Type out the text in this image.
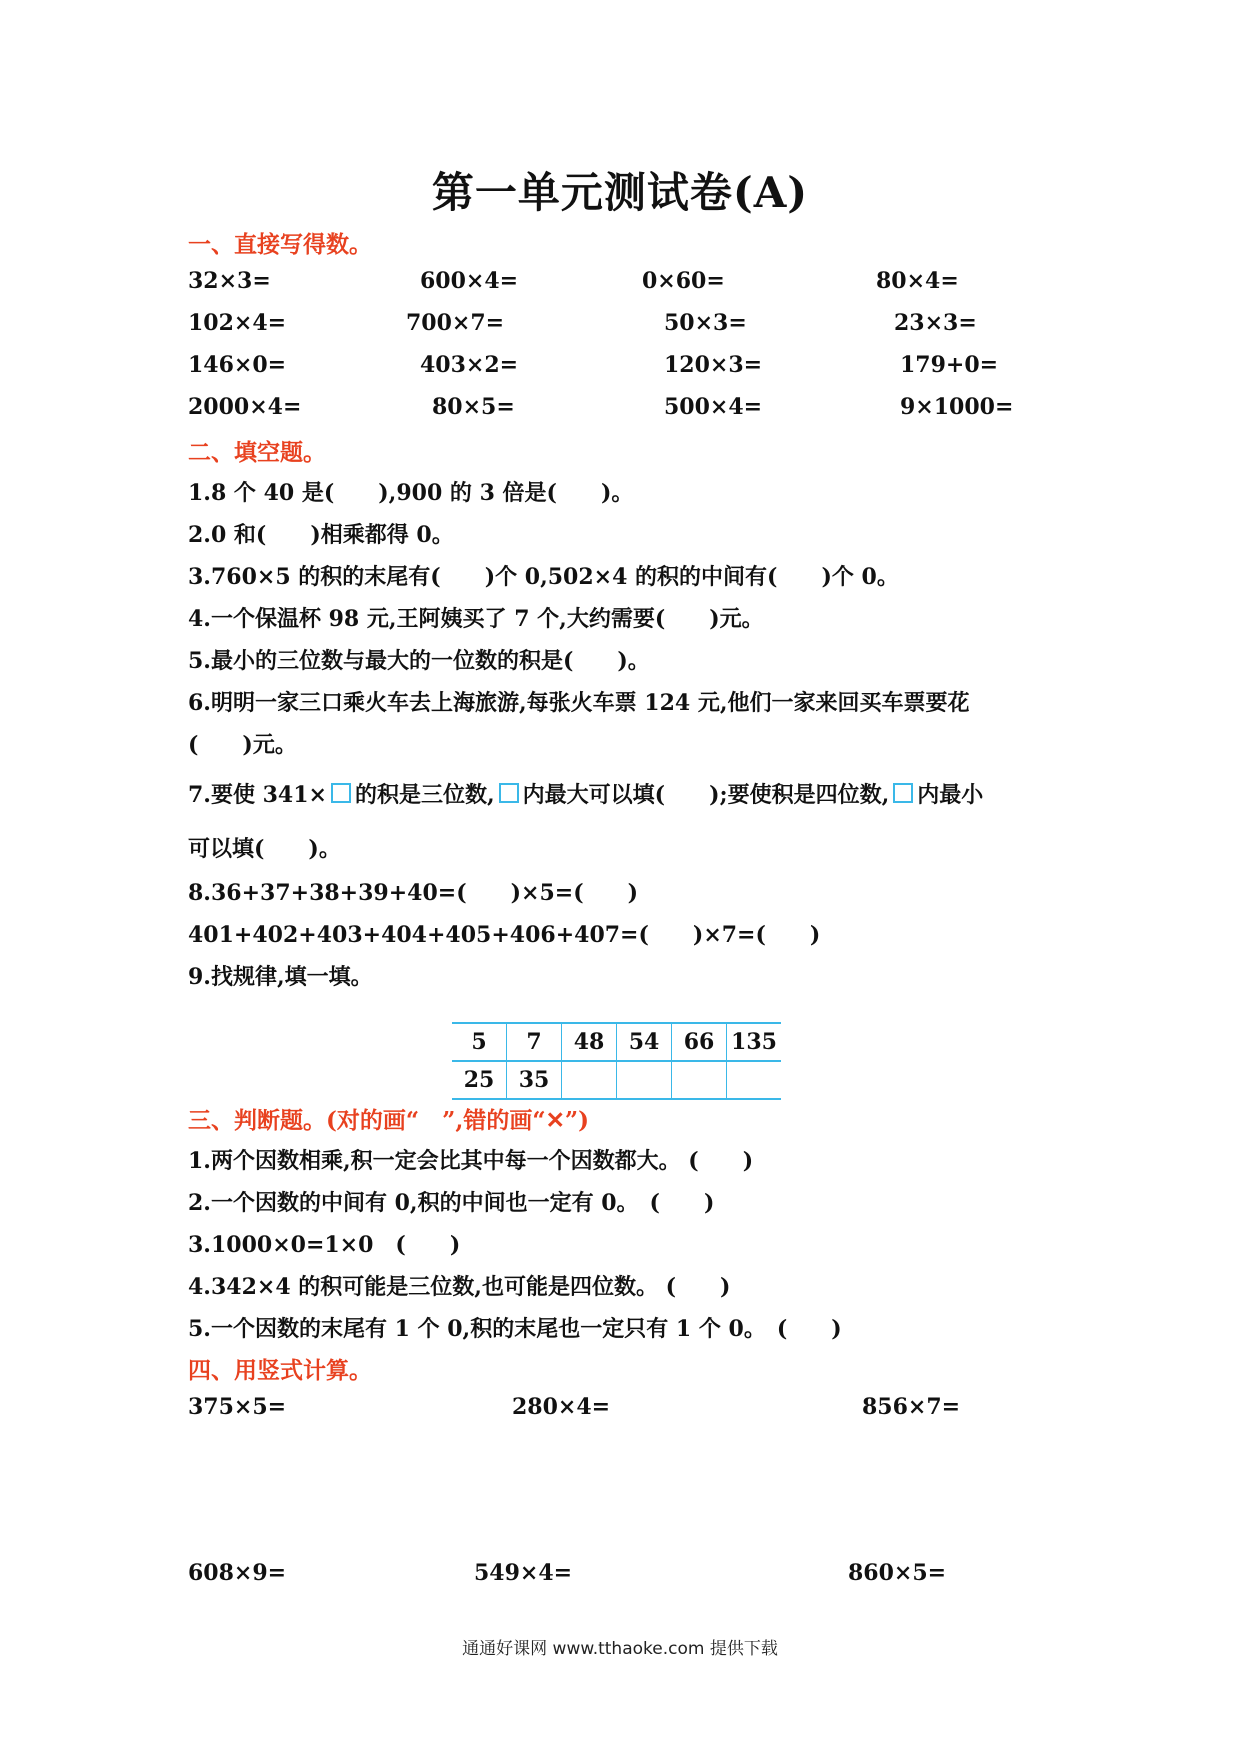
第一单元测试卷(A)
一、直接写得数。
32×3=	600×4=	0×60=	80×4=
102×4=	700×7=	50×3=	23×3=
146×0=	403×2=	120×3=	179+0=
2000×4=	80×5=	500×4=	9×1000=
二、填空题。
1.8 个 40 是(　　),900 的 3 倍是(　　)。
2.0 和(　　)相乘都得 0。
3.760×5 的积的末尾有(　　)个 0,502×4 的积的中间有(　　)个 0。
4.一个保温杯 98 元,王阿姨买了 7 个,大约需要(　　)元。
5.最小的三位数与最大的一位数的积是(　　)。
6.明明一家三口乘火车去上海旅游,每张火车票 124 元,他们一家来回买车票要花
(　　)元。
7.要使 341× 的积是三位数, 内最大可以填(　　);要使积是四位数, 内最小
可以填(　　)。
8.36+37+38+39+40=(　　)×5=(　　)
401+402+403+404+405+406+407=(　　)×7=(　　)
9.找规律,填一填。
5	7	48	54	66	135
25	35				
三、判断题。(对的画“　”,错的画“✕”)
1.两个因数相乘,积一定会比其中每一个因数都大。 (　　)
2.一个因数的中间有 0,积的中间也一定有 0。　(　　)
3.1000×0=1×0　(　　)
4.342×4 的积可能是三位数,也可能是四位数。 (　　)
5.一个因数的末尾有 1 个 0,积的末尾也一定只有 1 个 0。　(　　)
四、用竖式计算。
375×5=	280×4=	856×7=
608×9=	549×4=	860×5=
通通好课网 www.tthaoke.com 提供下载
